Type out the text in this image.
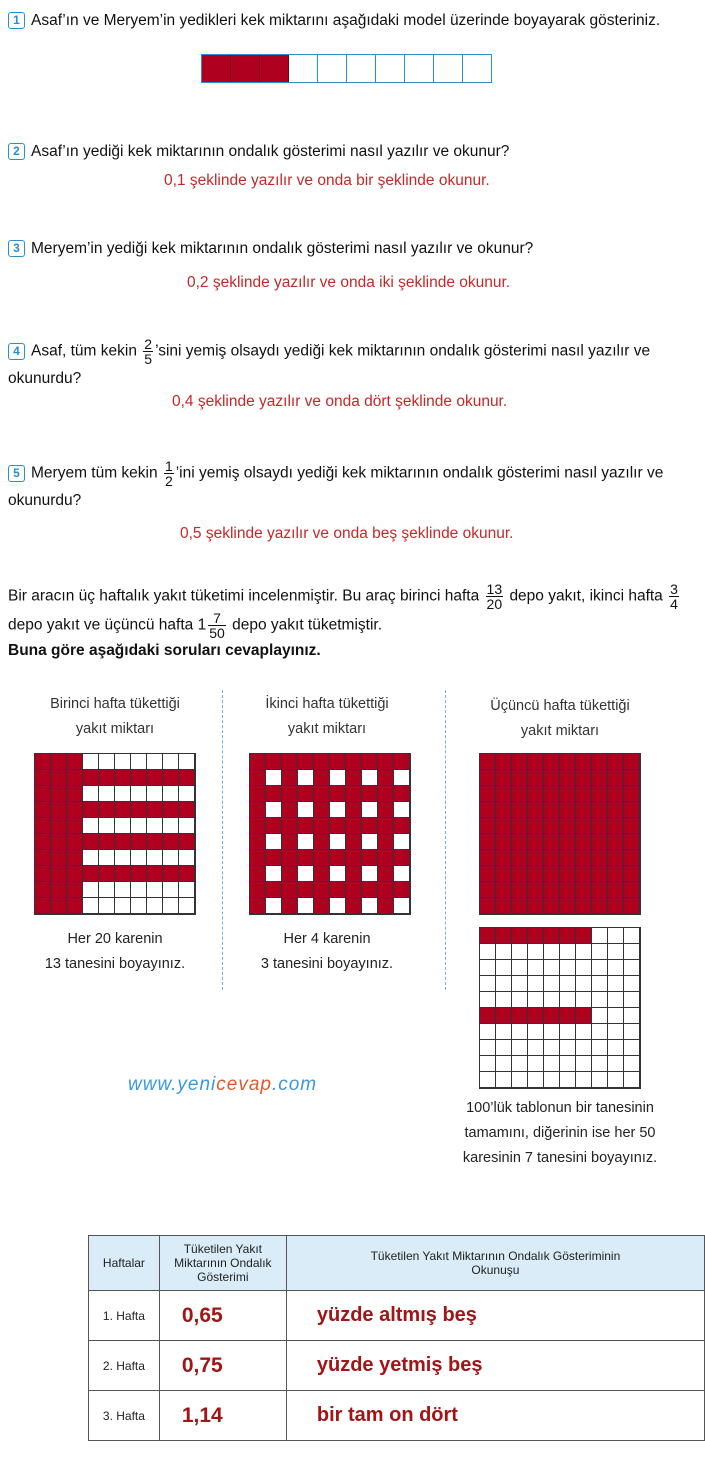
1 Asaf’ın ve Meryem’in yedikleri kek miktarını aşağıdaki model üzerinde boyayarak gösteriniz.
2 Asaf’ın yediği kek miktarının ondalık gösterimi nasıl yazılır ve okunur?
0,1 şeklinde yazılır ve onda bir şeklinde okunur.
3 Meryem’in yediği kek miktarının ondalık gösterimi nasıl yazılır ve okunur?
0,2 şeklinde yazılır ve onda iki şeklinde okunur.
4 Asaf, tüm kekin $\frac{2}{5}$ ’sini yemiş olsaydı yediği kek miktarının ondalık gösterimi nasıl yazılır ve okunurdu?
0,4 şeklinde yazılır ve onda dört şeklinde okunur.
5 Meryem tüm kekin $\frac{1}{2}$ ’ini yemiş olsaydı yediği kek miktarının ondalık gösterimi nasıl yazılır ve okunurdu?
0,5 şeklinde yazılır ve onda beş şeklinde okunur.
Bir aracın üç haftalık yakıt tüketimi incelenmiştir. Bu araç birinci hafta $\frac{13}{20}$ depo yakıt, ikinci hafta $\frac{3}{4}$
depo yakıt ve üçüncü hafta $1 \frac{7}{50}$ depo yakıt tüketmiştir.
Buna göre aşağıdaki soruları cevaplayınız.
Birinci hafta tükettiği
yakıt miktarı
İkinci hafta tükettiği
yakıt miktarı
Üçüncü hafta tükettiği
yakıt miktarı
Her 20 karenin
13 tanesini boyayınız.
Her 4 karenin
3 tanesini boyayınız.
100’lük tablonun bir tanesinin
tamamını, diğerinin ise her 50
karesinin 7 tanesini boyayınız.
www.yenicevap.com
Haftalar	Tüketilen Yakıt Miktarının Ondalık Gösterimi	Tüketilen Yakıt Miktarının Ondalık Gösteriminin Okunuşu
1. Hafta	0,65	yüzde altmış beş
2. Hafta	0,75	yüzde yetmiş beş
3. Hafta	1,14	bir tam on dört
